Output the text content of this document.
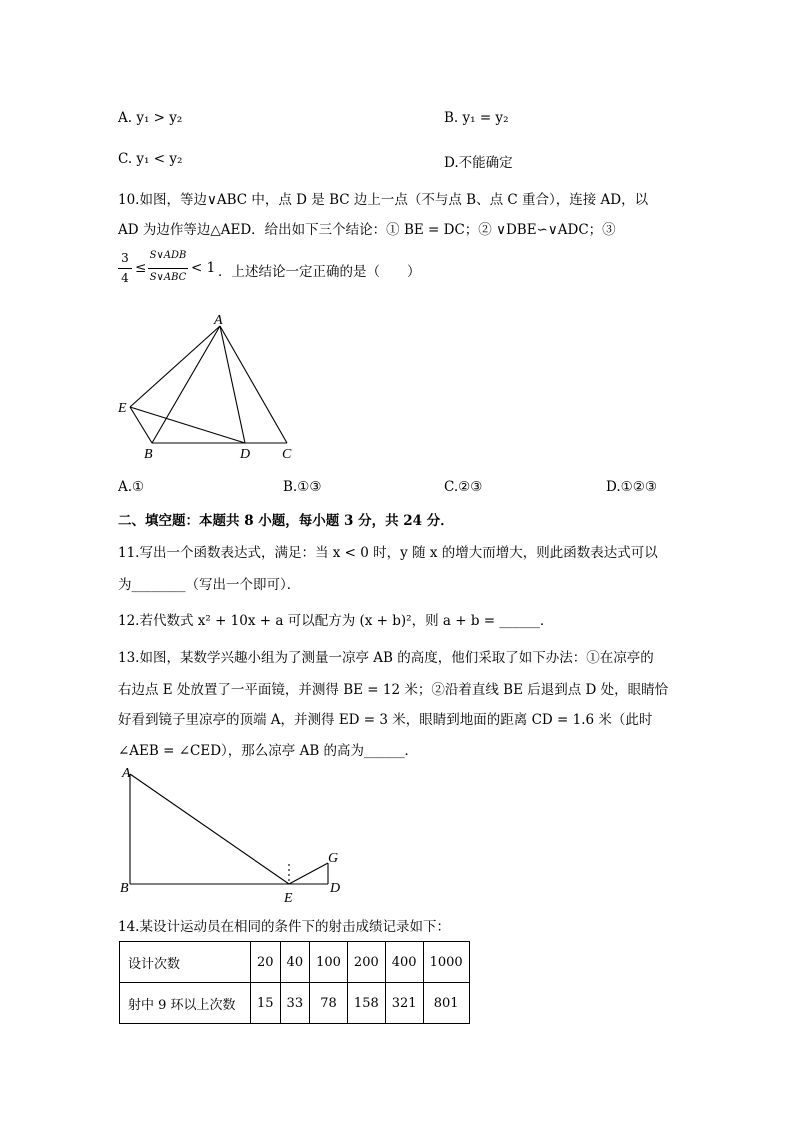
A. y₁ > y₂	B. y₁ = y₂
C. y₁ < y₂	D.不能确定
10.如图，等边∨ABC 中，点 D 是 BC 边上一点（不与点 B、点 C 重合），连接 AD，以
AD 为边作等边△AED．给出如下三个结论：① BE = DC；② ∨DBE∽∨ADC；③
3
4
≤
S∨ADB
S∨ABC
< 1 ．上述结论一定正确的是（　　）
A
E
B	D C
A.①	B.①③	C.②③	D.①②③
二、填空题：本题共 8 小题，每小题 3 分，共 24 分．
11.写出一个函数表达式，满足：当 x < 0 时，y 随 x 的增大而增大，则此函数表达式可以
为________（写出一个即可）．
12.若代数式 x² + 10x + a 可以配方为 (x + b)²，则 a + b = ______．
13.如图，某数学兴趣小组为了测量一凉亭 AB 的高度，他们采取了如下办法：①在凉亭的
右边点 E 处放置了一平面镜，并测得 BE = 12 米；②沿着直线 BE 后退到点 D 处，眼睛恰
好看到镜子里凉亭的顶端 A，并测得 ED = 3 米，眼睛到地面的距离 CD = 1.6 米（此时
∠AEB = ∠CED），那么凉亭 AB 的高为______．
A
B
E
G
D
14.某设计运动员在相同的条件下的射击成绩记录如下：
设计次数	20	40	100	200	400	1000
射中 9 环以上次数	15	33	78	158	321	801
